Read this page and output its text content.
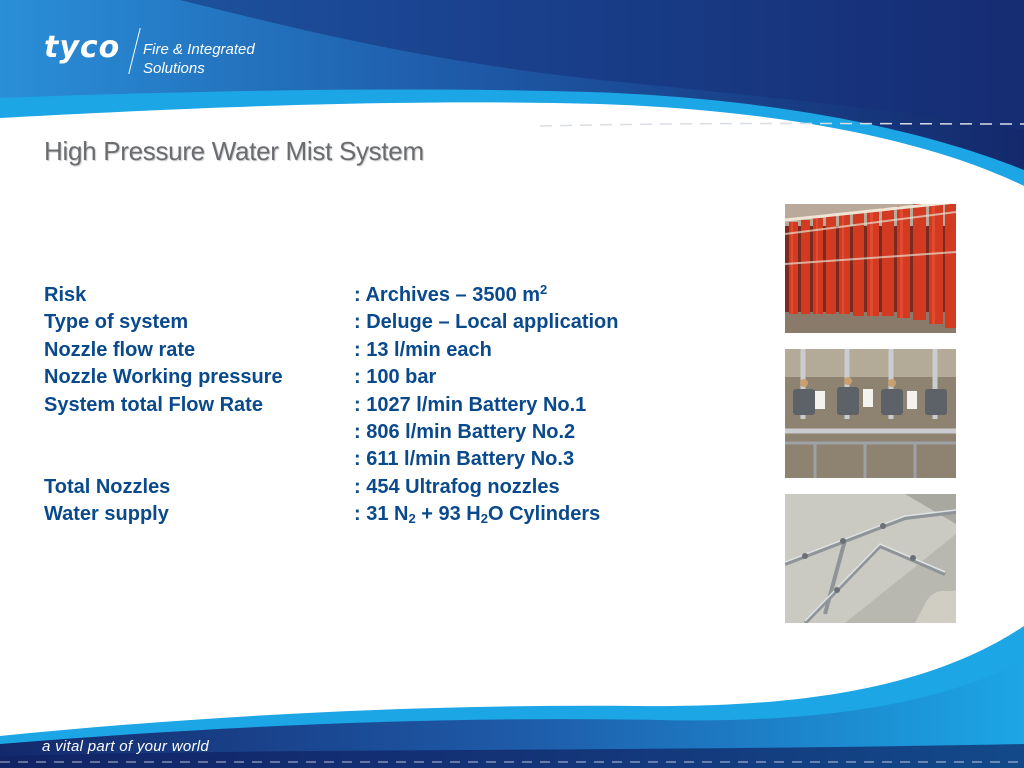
tyco Fire & Integrated
Solutions
High Pressure Water Mist System
Risk	: Archives – 3500 $m^2$
Type of system	: Deluge – Local application
Nozzle flow rate	: 13 l/min each
Nozzle Working pressure	: 100 bar
System total Flow Rate	: 1027 l/min Battery No.1
	: 806 l/min Battery No.2
	: 611 l/min Battery No.3
Total Nozzles	: 454 Ultrafog nozzles
Water supply	: 31 $N_2 + 93$ $H_2O$ Cylinders
a vital part of your world
